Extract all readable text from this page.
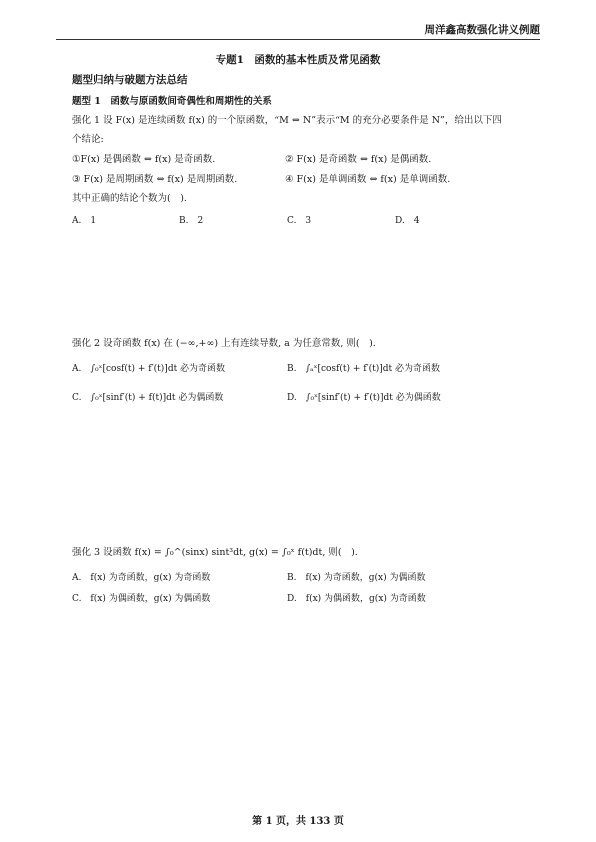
周洋鑫高数强化讲义例题
专题1　函数的基本性质及常见函数
题型归纳与破题方法总结
题型 1　函数与原函数间奇偶性和周期性的关系
强化 1 设 F(x) 是连续函数 f(x) 的一个原函数，“M ⇔ N”表示“M 的充分必要条件是 N”，给出以下四
个结论:
①F(x) 是偶函数 ⇔ f(x) 是奇函数.	② F(x) 是奇函数 ⇔ f(x) 是偶函数.
③ F(x) 是周期函数 ⇔ f(x) 是周期函数.	④ F(x) 是单调函数 ⇔ f(x) 是单调函数.
其中正确的结论个数为(　).
A.　1	B.　2	C.　3	D.　4
强化 2 设奇函数 f(x) 在 (−∞,+∞) 上有连续导数, a 为任意常数, 则(　).
A.　∫₀ˣ[cosf(t) + f′(t)]dt 必为奇函数	B.　∫ₐˣ[cosf(t) + f′(t)]dt 必为奇函数
C.　∫₀ˣ[sinf′(t) + f(t)]dt 必为偶函数	D.　∫₀ˣ[sinf′(t) + f′(t)]dt 必为偶函数
强化 3 设函数 f(x) = ∫₀^(sinx) sint³dt, g(x) = ∫₀ˣ f(t)dt, 则(　).
A.　f(x) 为奇函数，g(x) 为奇函数	B.　f(x) 为奇函数，g(x) 为偶函数
C.　f(x) 为偶函数，g(x) 为偶函数	D.　f(x) 为偶函数，g(x) 为奇函数
第 1 页，共 133 页
